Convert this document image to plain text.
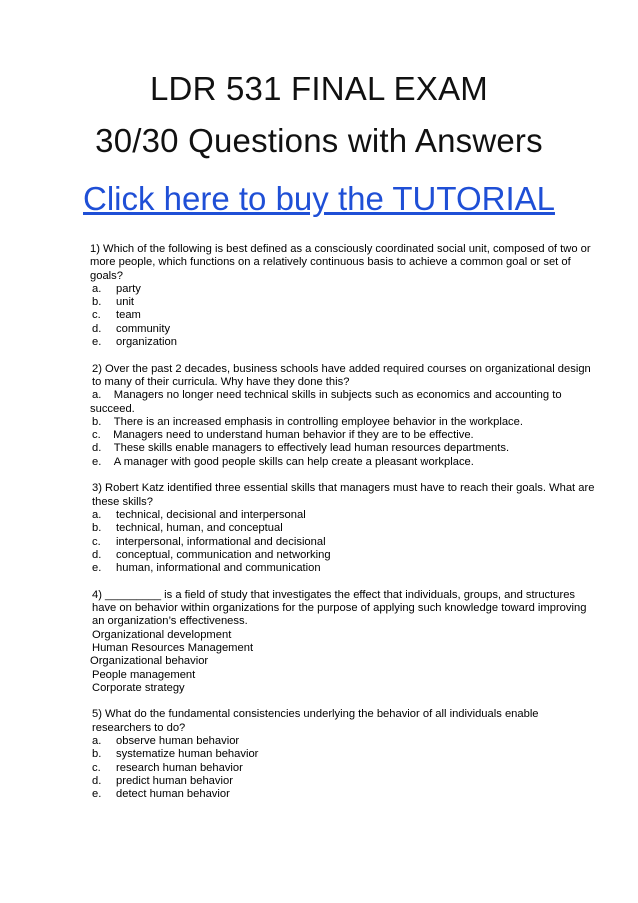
LDR 531 FINAL EXAM
30/30 Questions with Answers
Click here to buy the TUTORIAL

1) Which of the following is best defined as a consciously coordinated social unit, composed of two or more people, which functions on a relatively continuous basis to achieve a common goal or set of goals?

a. party

b. unit

c. team

d. community

e. organization

2) Over the past 2 decades, business schools have added required courses on organizational design to many of their curricula. Why have they done this?

a. Managers no longer need technical skills in subjects such as economics and accounting to succeed.

b. There is an increased emphasis in controlling employee behavior in the workplace.

c. Managers need to understand human behavior if they are to be effective.

d. These skills enable managers to effectively lead human resources departments.

e. A manager with good people skills can help create a pleasant workplace.

3) Robert Katz identified three essential skills that managers must have to reach their goals. What are these skills?

a. technical, decisional and interpersonal

b. technical, human, and conceptual

c. interpersonal, informational and decisional

d. conceptual, communication and networking

e. human, informational and communication

4) _________ is a field of study that investigates the effect that individuals, groups, and structures have on behavior within organizations for the purpose of applying such knowledge toward improving an organization’s effectiveness.

Organizational development

Human Resources Management

Organizational behavior

People management

Corporate strategy

5) What do the fundamental consistencies underlying the behavior of all individuals enable researchers to do?

a. observe human behavior

b. systematize human behavior

c. research human behavior

d. predict human behavior

e. detect human behavior
